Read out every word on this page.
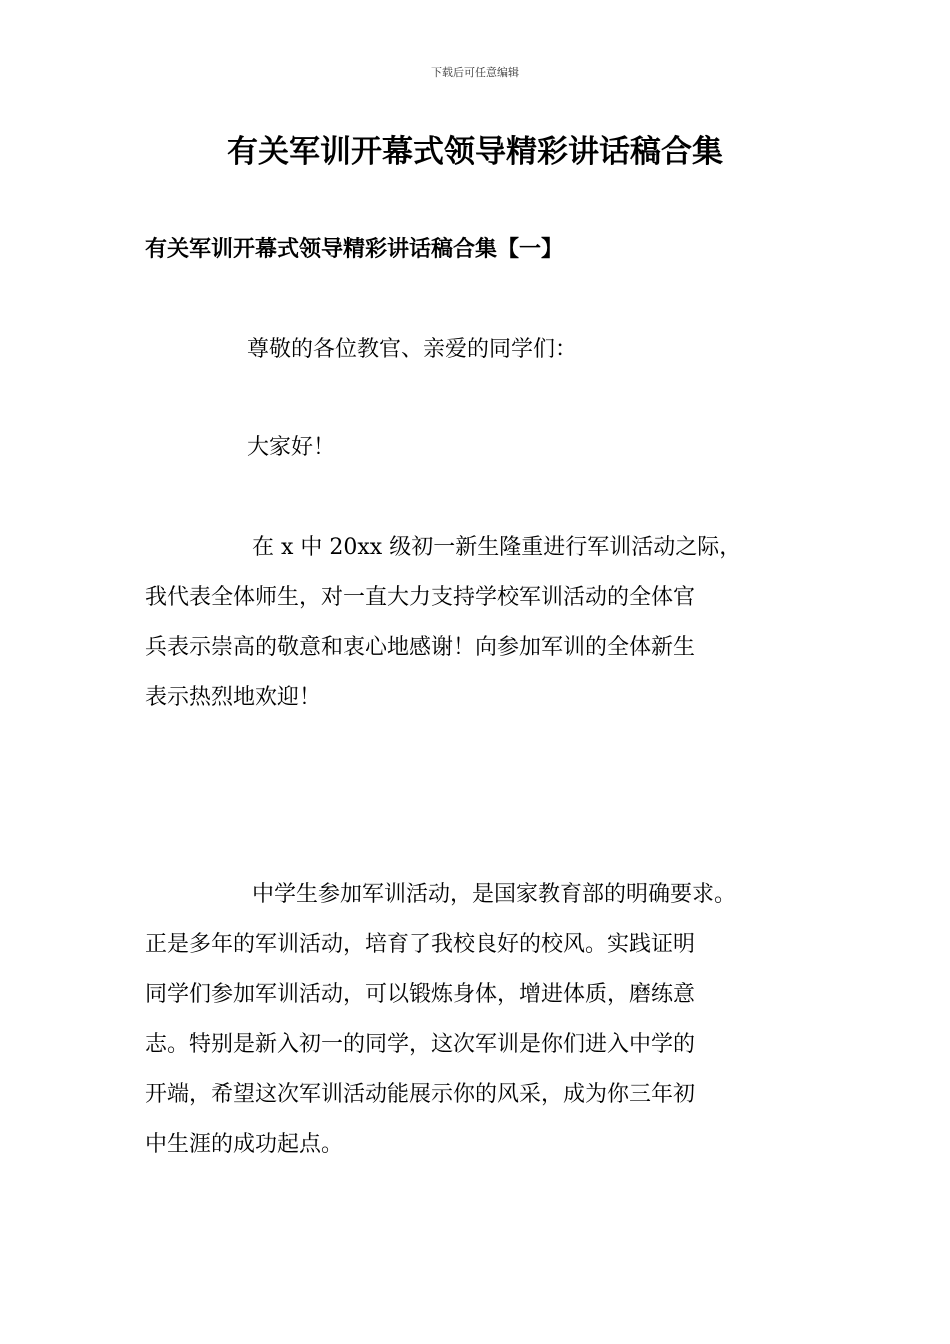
下载后可任意编辑
有关军训开幕式领导精彩讲话稿合集
有关军训开幕式领导精彩讲话稿合集【一】

尊敬的各位教官、亲爱的同学们：

大家好！

在 x 中 20xx 级初一新生隆重进行军训活动之际，

我代表全体师生，对一直大力支持学校军训活动的全体官

兵表示崇高的敬意和衷心地感谢！向参加军训的全体新生

表示热烈地欢迎！

中学生参加军训活动，是国家教育部的明确要求。

正是多年的军训活动，培育了我校良好的校风。实践证明

同学们参加军训活动，可以锻炼身体，增进体质，磨练意

志。特别是新入初一的同学，这次军训是你们进入中学的

开端，希望这次军训活动能展示你的风采，成为你三年初

中生涯的成功起点。
